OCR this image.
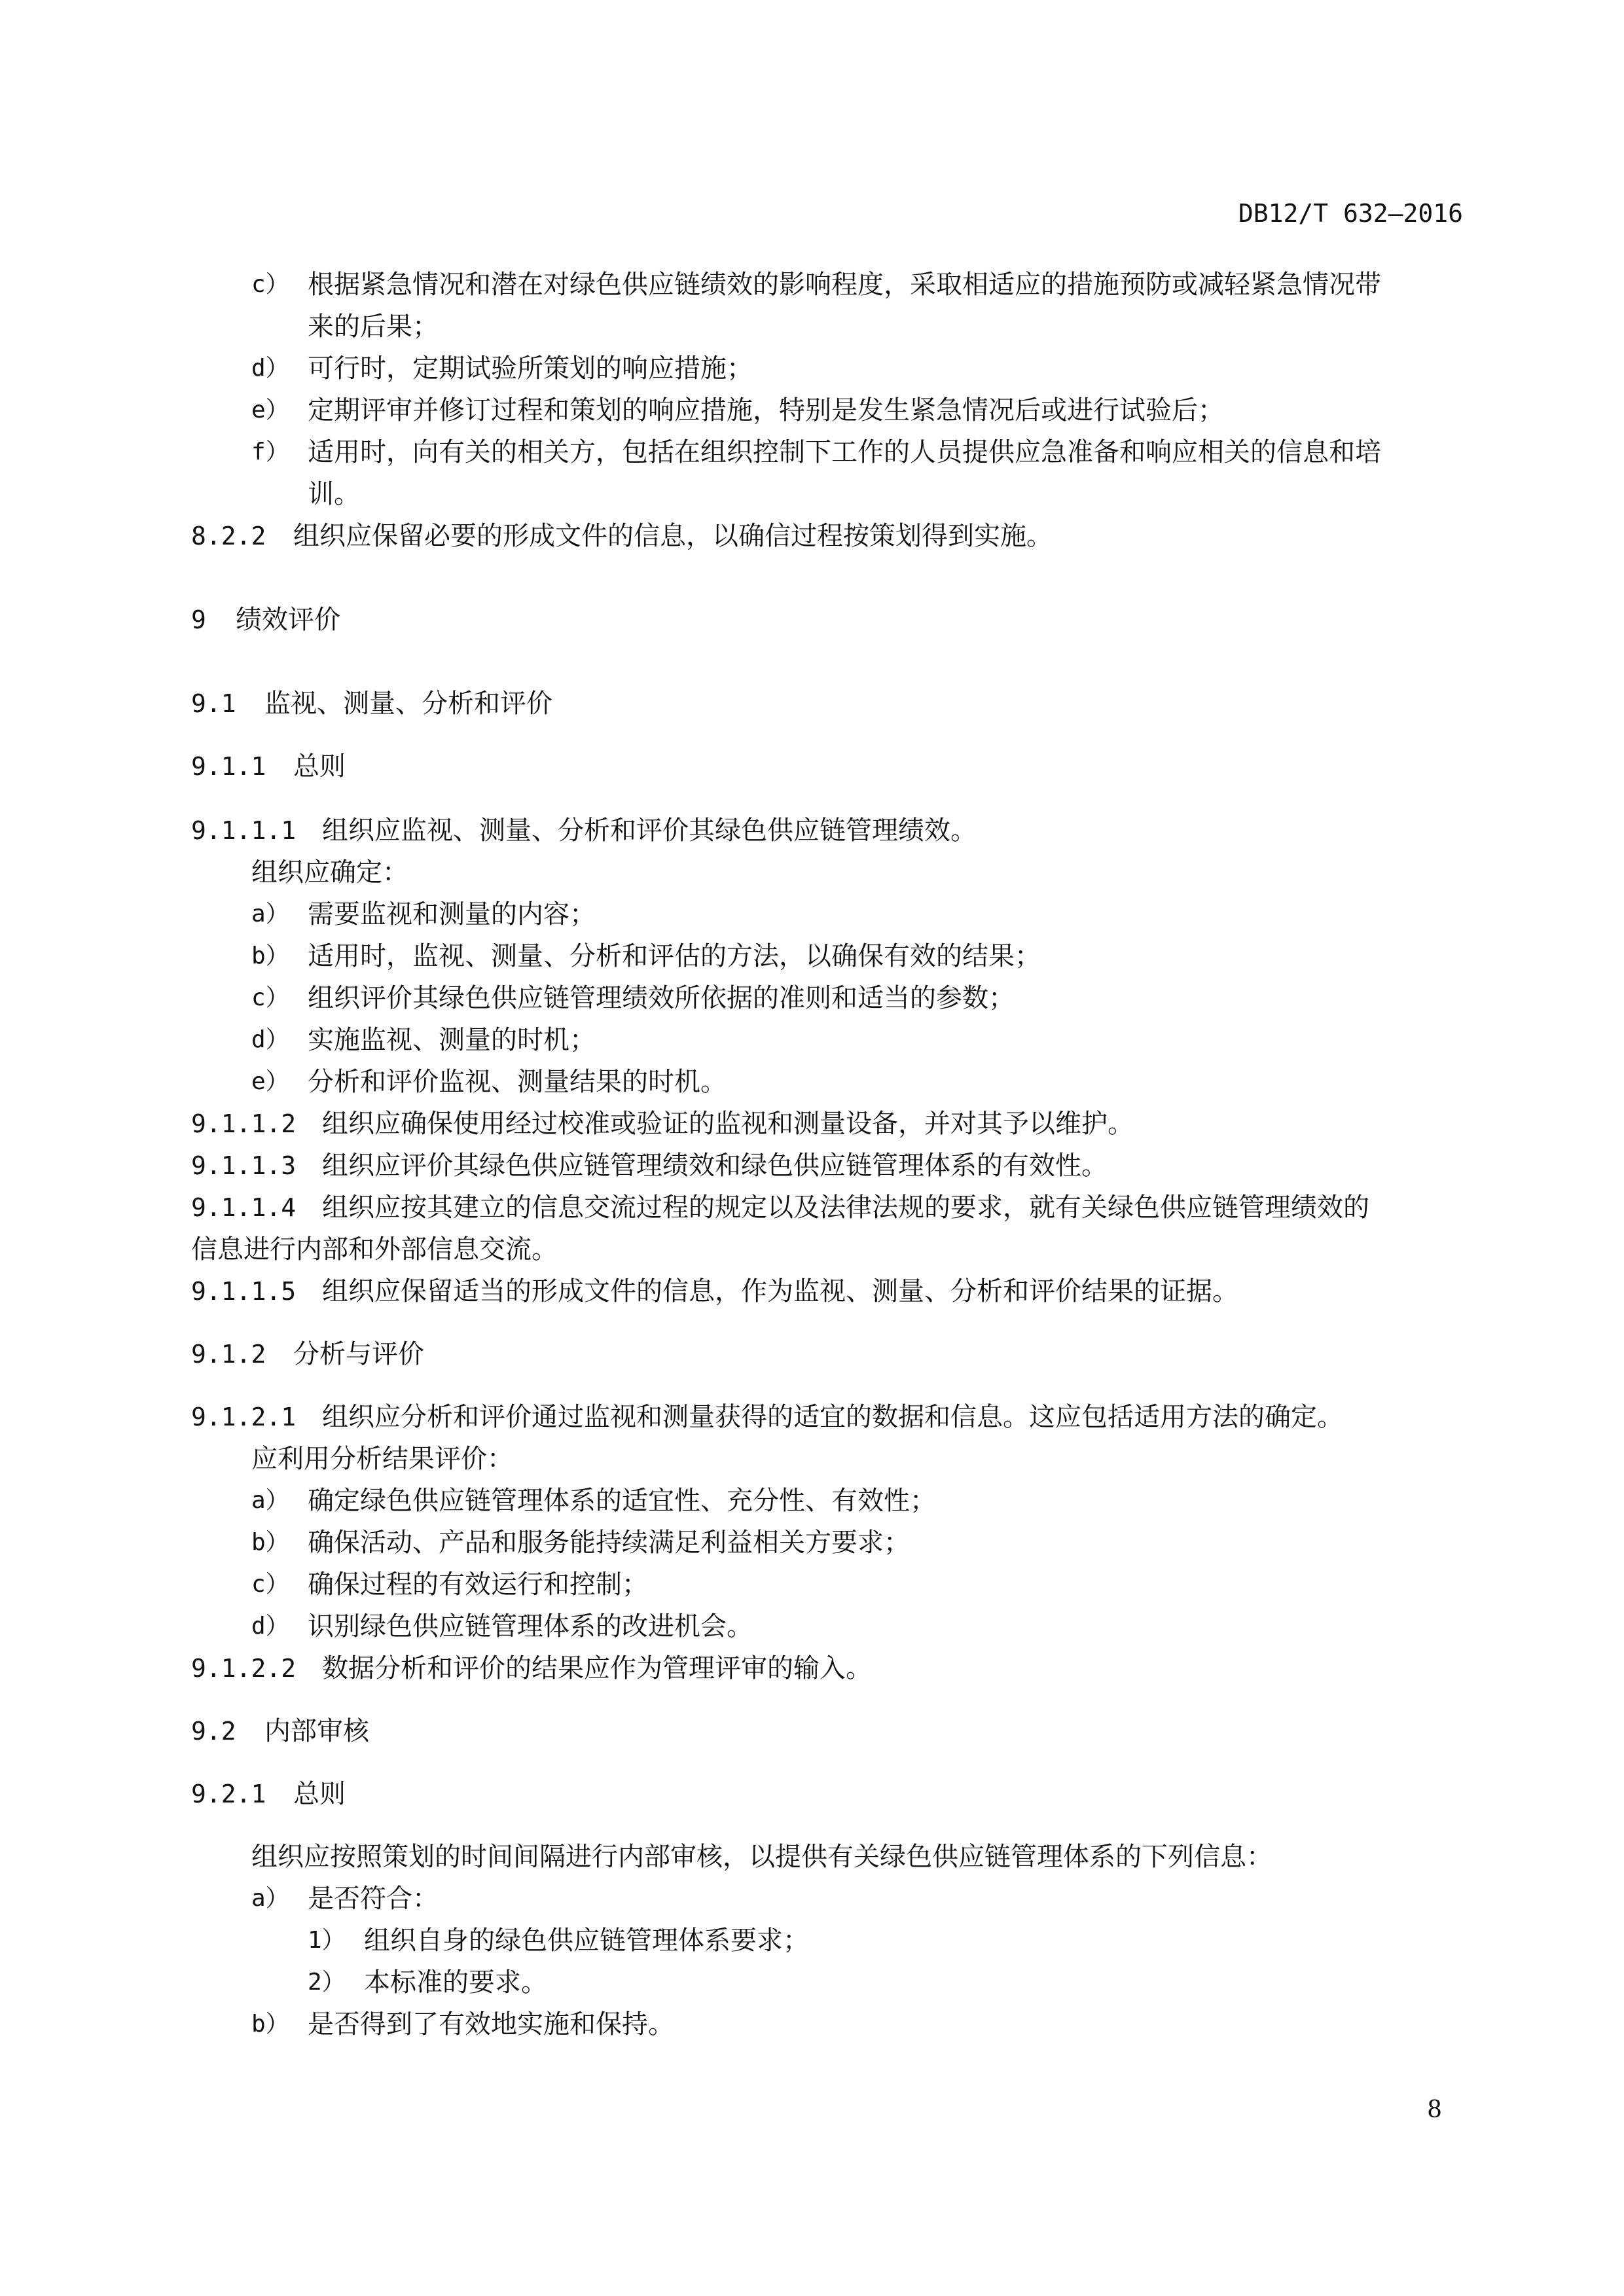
DB12/T 632—2016
c） 根据紧急情况和潜在对绿色供应链绩效的影响程度，采取相适应的措施预防或减轻紧急情况带
来的后果；
d） 可行时，定期试验所策划的响应措施；
e） 定期评审并修订过程和策划的响应措施，特别是发生紧急情况后或进行试验后；
f） 适用时，向有关的相关方，包括在组织控制下工作的人员提供应急准备和响应相关的信息和培
训。
8.2.2 组织应保留必要的形成文件的信息，以确信过程按策划得到实施。
9 绩效评价
9.1 监视、测量、分析和评价
9.1.1 总则
9.1.1.1 组织应监视、测量、分析和评价其绿色供应链管理绩效。
组织应确定：
a） 需要监视和测量的内容；
b） 适用时，监视、测量、分析和评估的方法，以确保有效的结果；
c） 组织评价其绿色供应链管理绩效所依据的准则和适当的参数；
d） 实施监视、测量的时机；
e） 分析和评价监视、测量结果的时机。
9.1.1.2 组织应确保使用经过校准或验证的监视和测量设备，并对其予以维护。
9.1.1.3 组织应评价其绿色供应链管理绩效和绿色供应链管理体系的有效性。
9.1.1.4 组织应按其建立的信息交流过程的规定以及法律法规的要求，就有关绿色供应链管理绩效的
信息进行内部和外部信息交流。
9.1.1.5 组织应保留适当的形成文件的信息，作为监视、测量、分析和评价结果的证据。
9.1.2 分析与评价
9.1.2.1 组织应分析和评价通过监视和测量获得的适宜的数据和信息。这应包括适用方法的确定。
应利用分析结果评价：
a） 确定绿色供应链管理体系的适宜性、充分性、有效性；
b） 确保活动、产品和服务能持续满足利益相关方要求；
c） 确保过程的有效运行和控制；
d） 识别绿色供应链管理体系的改进机会。
9.1.2.2 数据分析和评价的结果应作为管理评审的输入。
9.2 内部审核
9.2.1 总则
组织应按照策划的时间间隔进行内部审核，以提供有关绿色供应链管理体系的下列信息：
a） 是否符合：
1） 组织自身的绿色供应链管理体系要求；
2） 本标准的要求。
b） 是否得到了有效地实施和保持。
8
